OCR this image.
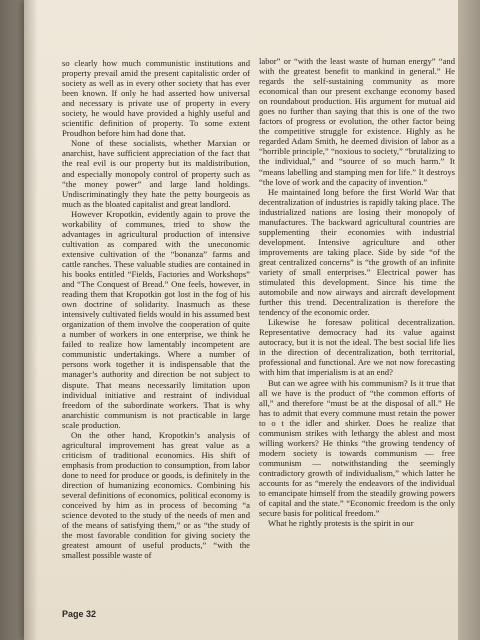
so clearly how much communistic institutions and property prevail amid the present capitalistic order of society as well as in every other society that has ever been known. If only he had asserted how universal and necessary is private use of property in every society, he would have provided a highly useful and scientific definition of property. To some extent Proudhon before him had done that.

None of these socialists, whether Marxian or anarchist, have sufficient appreciation of the fact that the real evil is our property but its maldistribution, and especially monopoly control of property such as “the money power” and large land holdings. Undiscriminatingly they hate the petty bourgeois as much as the bloated capitalist and great landlord.

However Kropotkin, evidently again to prove the workability of communes, tried to show the advantages in agricultural production of intensive cultivation as compared with the uneconomic extensive cultivation of the “bonanza” farms and cattle ranches. These valuable studies are contained in his books entitled “Fields, Factories and Workshops” and “The Conquest of Bread.” One feels, however, in reading them that Kropotkin got lost in the fog of his own doctrine of solidarity. Inasmuch as these intensively cultivated fields would in his assumed best organization of them involve the cooperation of quite a number of workers in one enterprise, we think he failed to realize how lamentably incompetent are communistic undertakings. Where a number of persons work together it is indispensable that the manager’s authority and direction be not subject to dispute. That means necessarily limitation upon individual initiative and restraint of individual freedom of the subordinate workers. That is why anarchistic communism is not practicable in large scale production.

On the other hand, Kropotkin’s analysis of agricultural improvement has great value as a criticism of traditional economics. His shift of emphasis from production to consumption, from labor done to need for produce or goods, is definitely in the direction of humanizing economics. Combining his several definitions of economics, political economy is conceived by him as in process of becoming “a science devoted to the study of the needs of men and of the means of satisfying them,” or as “the study of the most favorable condition for giving society the greatest amount of useful products,” “with the smallest possible waste of

labor” or “with the least waste of human energy” “and with the greatest benefit to mankind in general.” He regards the self-sustaining community as more economical than our present exchange economy based on roundabout production. His argument for mutual aid goes no further than saying that this is one of the two factors of progress or evolution, the other factor being the competitive struggle for existence. Highly as he regarded Adam Smith, he deemed division of labor as a “horrible principle,” “noxious to society,” “brutalizing to the individual,” and “source of so much harm.” It “means labelling and stamping men for life.” It destroys “the love of work and the capacity of invention.”

He maintained long before the first World War that decentralization of industries is rapidly taking place. The industrialized nations are losing their monopoly of manufactures. The backward agricultural countries are supplementing their economies with industrial development. Intensive agriculture and other improvements are taking place. Side by side “of the great centralized concerns” is “the growth of an infinite variety of small enterprises.” Electrical power has stimulated this development. Since his time the automobile and now airways and aircraft development further this trend. Decentralization is therefore the tendency of the economic order.

Likewise he foresaw political decentralization. Representative democracy had its value against autocracy, but it is not the ideal. The best social life lies in the direction of decentralization, both territorial, professional and functional. Are we not now forecasting with him that imperialism is at an end?

But can we agree with his communism? Is it true that all we have is the product of “the common efforts of all,” and therefore “must be at the disposal of all.” He has to admit that every commune must retain the power to o t the idler and shirker. Does he realize that communism strikes with lethargy the ablest and most willing workers? He thinks “the growing tendency of modern society is towards communism — free communism — notwithstanding the seemingly contradictory growth of individualism,” which latter he accounts for as “merely the endeavors of the individual to emancipate himself from the steadily growing powers of capital and the state.” “Economic freedom is the only secure basis for political freedom.”

What he rightly protests is the spirit in our

Page 32
